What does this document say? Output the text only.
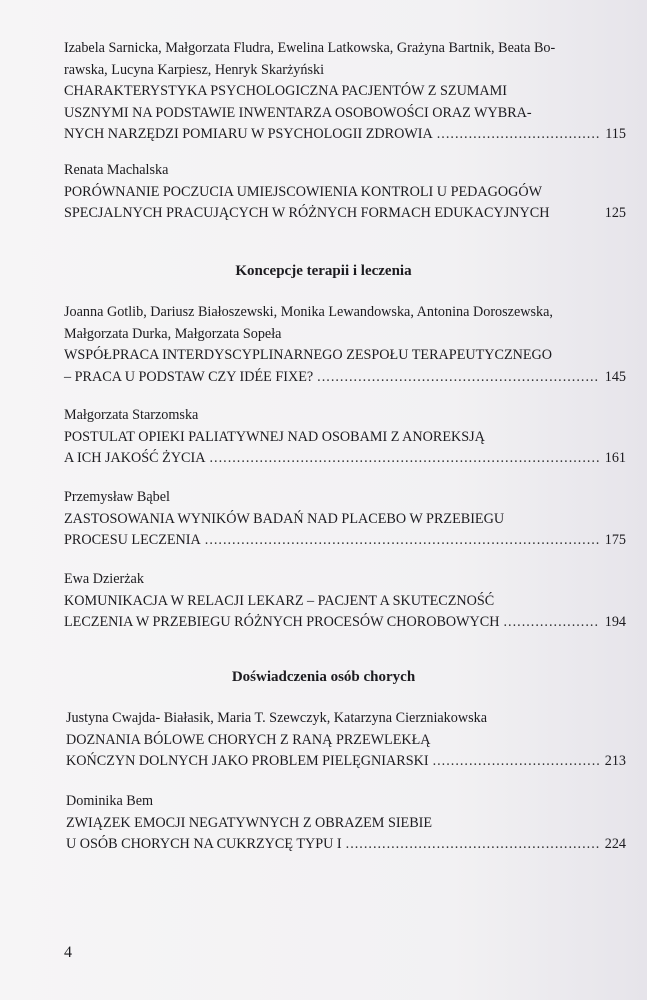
Izabela Sarnicka, Małgorzata Fludra, Ewelina Latkowska, Grażyna Bartnik, Beata Bo-
rawska, Lucyna Karpiesz, Henryk Skarżyński
CHARAKTERYSTYKA PSYCHOLOGICZNA PACJENTÓW Z SZUMAMI
USZNYMI NA PODSTAWIE INWENTARZA OSOBOWOŚCI ORAZ WYBRA-
NYCH NARZĘDZI POMIARU W PSYCHOLOGII ZDROWIA .....	115
Renata Machalska
PORÓWNANIE POCZUCIA UMIEJSCOWIENIA KONTROLI U PEDAGOGÓW
SPECJALNYCH PRACUJĄCYCH W RÓŻNYCH FORMACH EDUKACYJNYCH	125
Koncepcje terapii i leczenia
Joanna Gotlib, Dariusz Białoszewski, Monika Lewandowska, Antonina Doroszewska,
Małgorzata Durka, Małgorzata Sopeła
WSPÓŁPRACA INTERDYSCYPLINARNEGO ZESPOŁU TERAPEUTYCZNEGO
– PRACA U PODSTAW CZY IDÉE FIXE? .....	145
Małgorzata Starzomska
POSTULAT OPIEKI PALIATYWNEJ NAD OSOBAMI Z ANOREKSJĄ
A ICH JAKOŚĆ ŻYCIA .....	161
Przemysław Bąbel
ZASTOSOWANIA WYNIKÓW BADAŃ NAD PLACEBO W PRZEBIEGU
PROCESU LECZENIA .....	175
Ewa Dzierżak
KOMUNIKACJA W RELACJI LEKARZ – PACJENT A SKUTECZNOŚĆ
LECZENIA W PRZEBIEGU RÓŻNYCH PROCESÓW CHOROBOWYCH .....	194
Doświadczenia osób chorych
Justyna Cwajda- Białasik, Maria T. Szewczyk, Katarzyna Cierzniakowska
DOZNANIA BÓLOWE CHORYCH Z RANĄ PRZEWLEKŁĄ
KOŃCZYN DOLNYCH JAKO PROBLEM PIELĘGNIARSKI .....	213
Dominika Bem
ZWIĄZEK EMOCJI NEGATYWNYCH Z OBRAZEM SIEBIE
U OSÓB CHORYCH NA CUKRZYCĘ TYPU I .....	224
4
